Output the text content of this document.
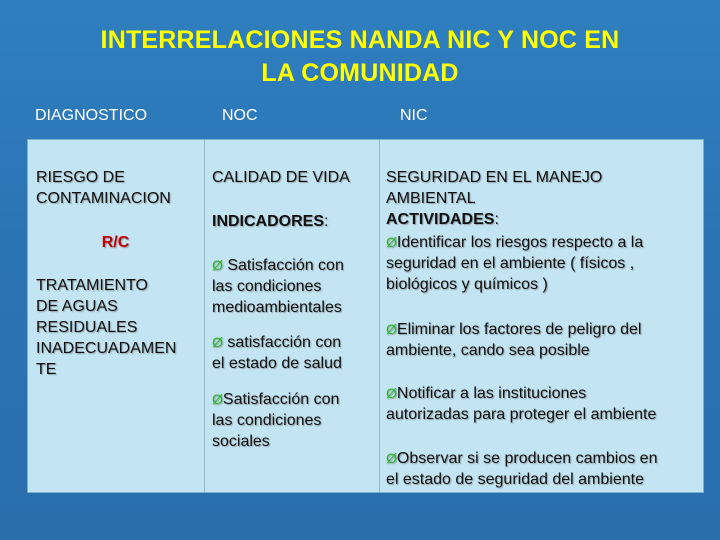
INTERRELACIONES NANDA NIC Y NOC EN
LA COMUNIDAD
DIAGNOSTICO	NOC	NIC
RIESGO DE
CONTAMINACION
R/C
TRATAMIENTO
DE AGUAS
RESIDUALES
INADECUADAMEN
TE
CALIDAD DE VIDA
INDICADORES:
Ø Satisfacción con
las condiciones
medioambientales
Ø satisfacción con
el estado de salud
ØSatisfacción con
las condiciones
sociales
SEGURIDAD EN EL MANEJO
AMBIENTAL
ACTIVIDADES:
ØIdentificar los riesgos respecto a la
seguridad en el ambiente ( físicos ,
biológicos y químicos )
ØEliminar los factores de peligro del
ambiente, cando sea posible
ØNotificar a las instituciones
autorizadas para proteger el ambiente
ØObservar si se producen cambios en
el estado de seguridad del ambiente
